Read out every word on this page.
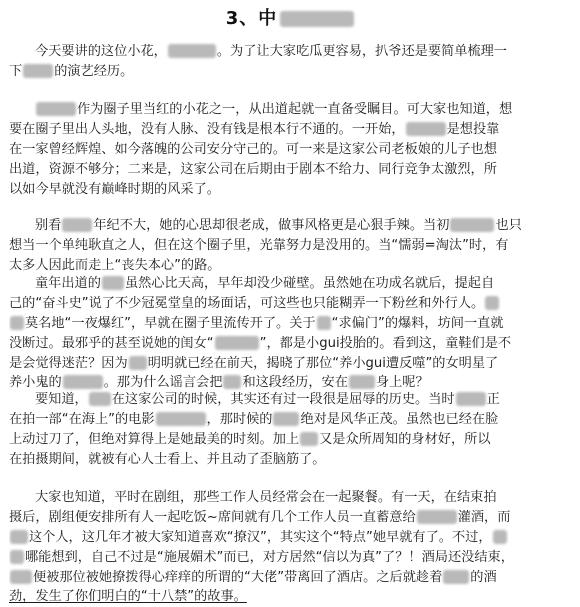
3、中
今天要讲的这位小花，	。为了让大家吃瓜更容易，扒爷还是要简单梳理一
下 的演艺经历。
作为圈子里当红的小花之一，从出道起就一直备受瞩目。可大家也知道，想
要在圈子里出人头地，没有人脉、没有钱是根本行不通的。一开始，	是想投靠
在一家曾经辉煌、如今落魄的公司安分守己的。可一来是这家公司老板娘的儿子也想
出道，资源不够分；二来是，这家公司在后期由于剧本不给力、同行竞争太激烈，所
以如今早就没有巅峰时期的风采了。
别看 年纪不大，她的心思却很老成，做事风格更是心狠手辣。当初	也只
想当一个单纯耿直之人，但在这个圈子里，光靠努力是没用的。当“懦弱=淘汰”时，有
太多人因此而走上“丧失本心”的路。
童年出道的 虽然心比天高，早年却没少碰壁。虽然她在功成名就后，提起自
己的“奋斗史”说了不少冠冕堂皇的场面话，可这些也只能糊弄一下粉丝和外行人。
莫名地“一夜爆红”，早就在圈子里流传开了。关于 “求偏门”的爆料，坊间一直就
没断过。最邪乎的甚至说她的闺女“	”，都是小gui投胎的。看到这，童鞋们是不
是会觉得迷茫？因为 明明就已经在前天，揭晓了那位“养小gui遭反噬”的女明星了
养小鬼的	。那为什么谣言会把 和这段经历，安在 身上呢？
要知道， 在这家公司的时候，其实还有过一段很是屈辱的历史。当时 正
在拍一部“在海上”的电影	，那时候的 绝对是风华正茂。虽然也已经在脸
上动过刀了，但绝对算得上是她最美的时刻。加上 又是众所周知的身材好，所以
在拍摄期间，就被有心人士看上、并且动了歪脑筋了。
大家也知道，平时在剧组，那些工作人员经常会在一起聚餐。有一天，在结束拍
摄后，剧组便安排所有人一起吃饭~席间就有几个工作人员一直蓄意给	灌酒，而
这个人，这几年才被大家知道喜欢“撩汉”，其实这个“特点”她早就有了。不过，
哪能想到，自己不过是“施展媚术”而已，对方居然“信以为真”了？！酒局还没结束，
便被那位被她撩拨得心痒痒的所谓的“大佬”带离回了酒店。之后就趁着 的酒
劲，发生了你们明白的“十八禁”的故事。
